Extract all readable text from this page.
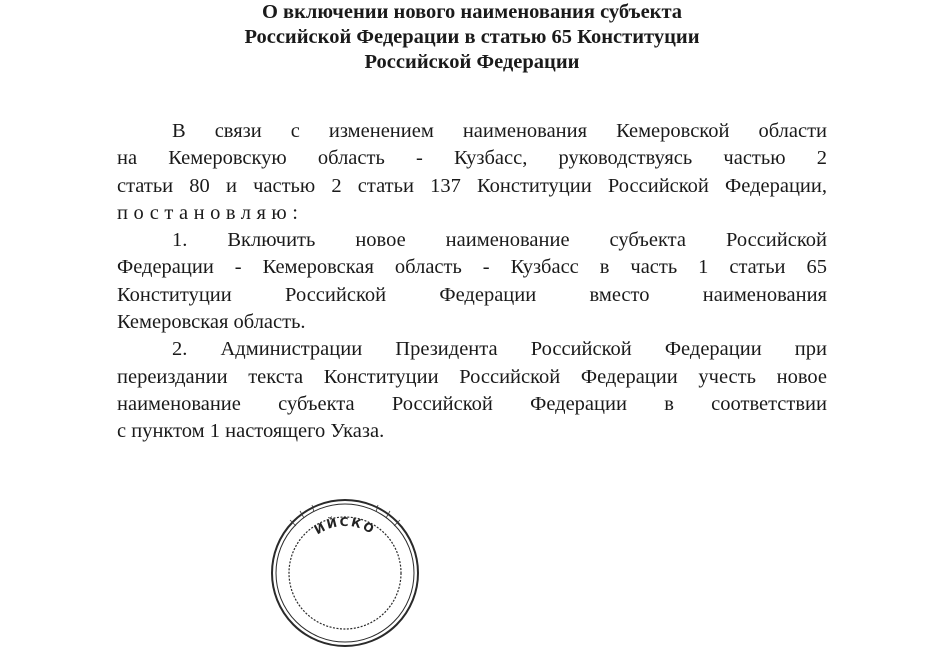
О включении нового наименования субъекта
Российской Федерации в статью 65 Конституции
Российской Федерации
В связи с изменением наименования Кемеровской области
на Кемеровскую область - Кузбасс, руководствуясь частью 2
статьи 80 и частью 2 статьи 137 Конституции Российской Федерации,
постановляю:
1. Включить новое наименование субъекта Российской
Федерации - Кемеровская область - Кузбасс в часть 1 статьи 65
Конституции Российской Федерации вместо наименования
Кемеровская область.
2. Администрации Президента Российской Федерации при
переиздании текста Конституции Российской Федерации учесть новое
наименование субъекта Российской Федерации в соответствии
с пунктом 1 настоящего Указа.
ИЙСКО
